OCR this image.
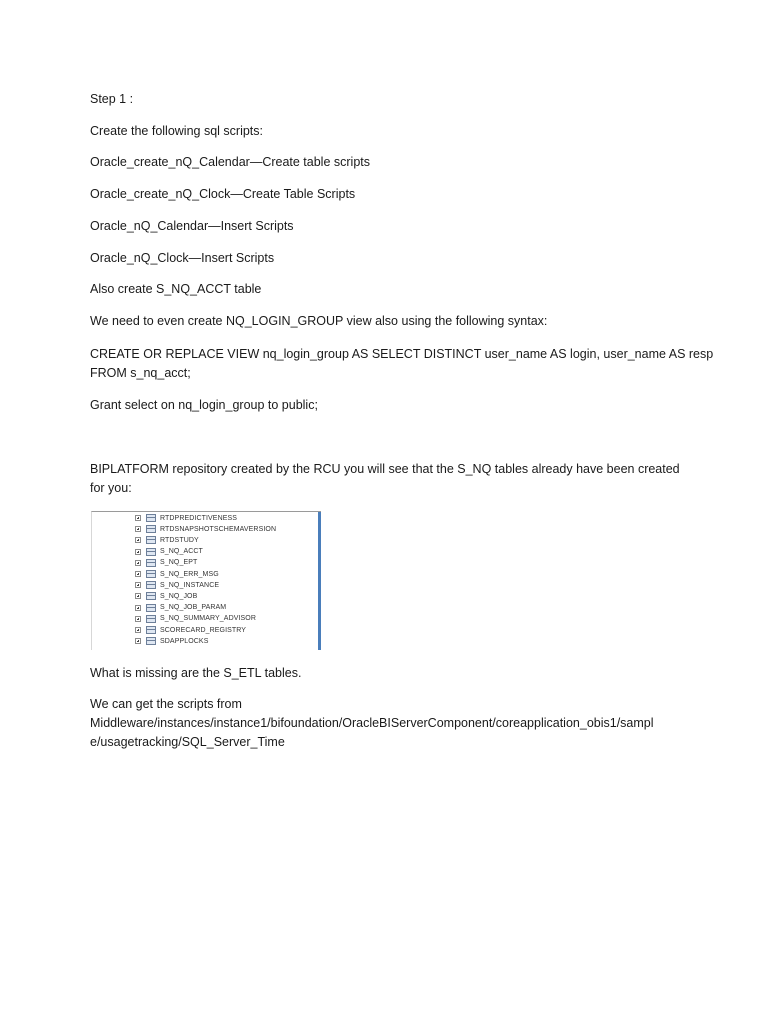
Step 1 :
Create the following sql scripts:
Oracle_create_nQ_Calendar—Create table scripts
Oracle_create_nQ_Clock—Create Table Scripts
Oracle_nQ_Calendar—Insert Scripts
Oracle_nQ_Clock—Insert Scripts
Also create S_NQ_ACCT table
We need to even create NQ_LOGIN_GROUP view also using the following syntax:
CREATE OR REPLACE VIEW nq_login_group AS SELECT DISTINCT user_name AS login, user_name AS resp
FROM s_nq_acct;
Grant select on nq_login_group to public;
BIPLATFORM repository created by the RCU you will see that the S_NQ tables already have been created
for you:
RTDPREDICTIVENESS
RTDSNAPSHOTSCHEMAVERSION
RTDSTUDY
S_NQ_ACCT
S_NQ_EPT
S_NQ_ERR_MSG
S_NQ_INSTANCE
S_NQ_JOB
S_NQ_JOB_PARAM
S_NQ_SUMMARY_ADVISOR
SCORECARD_REGISTRY
SDAPPLOCKS
What is missing are the S_ETL tables.
We can get the scripts from
Middleware/instances/instance1/bifoundation/OracleBIServerComponent/coreapplication_obis1/sampl
e/usagetracking/SQL_Server_Time
